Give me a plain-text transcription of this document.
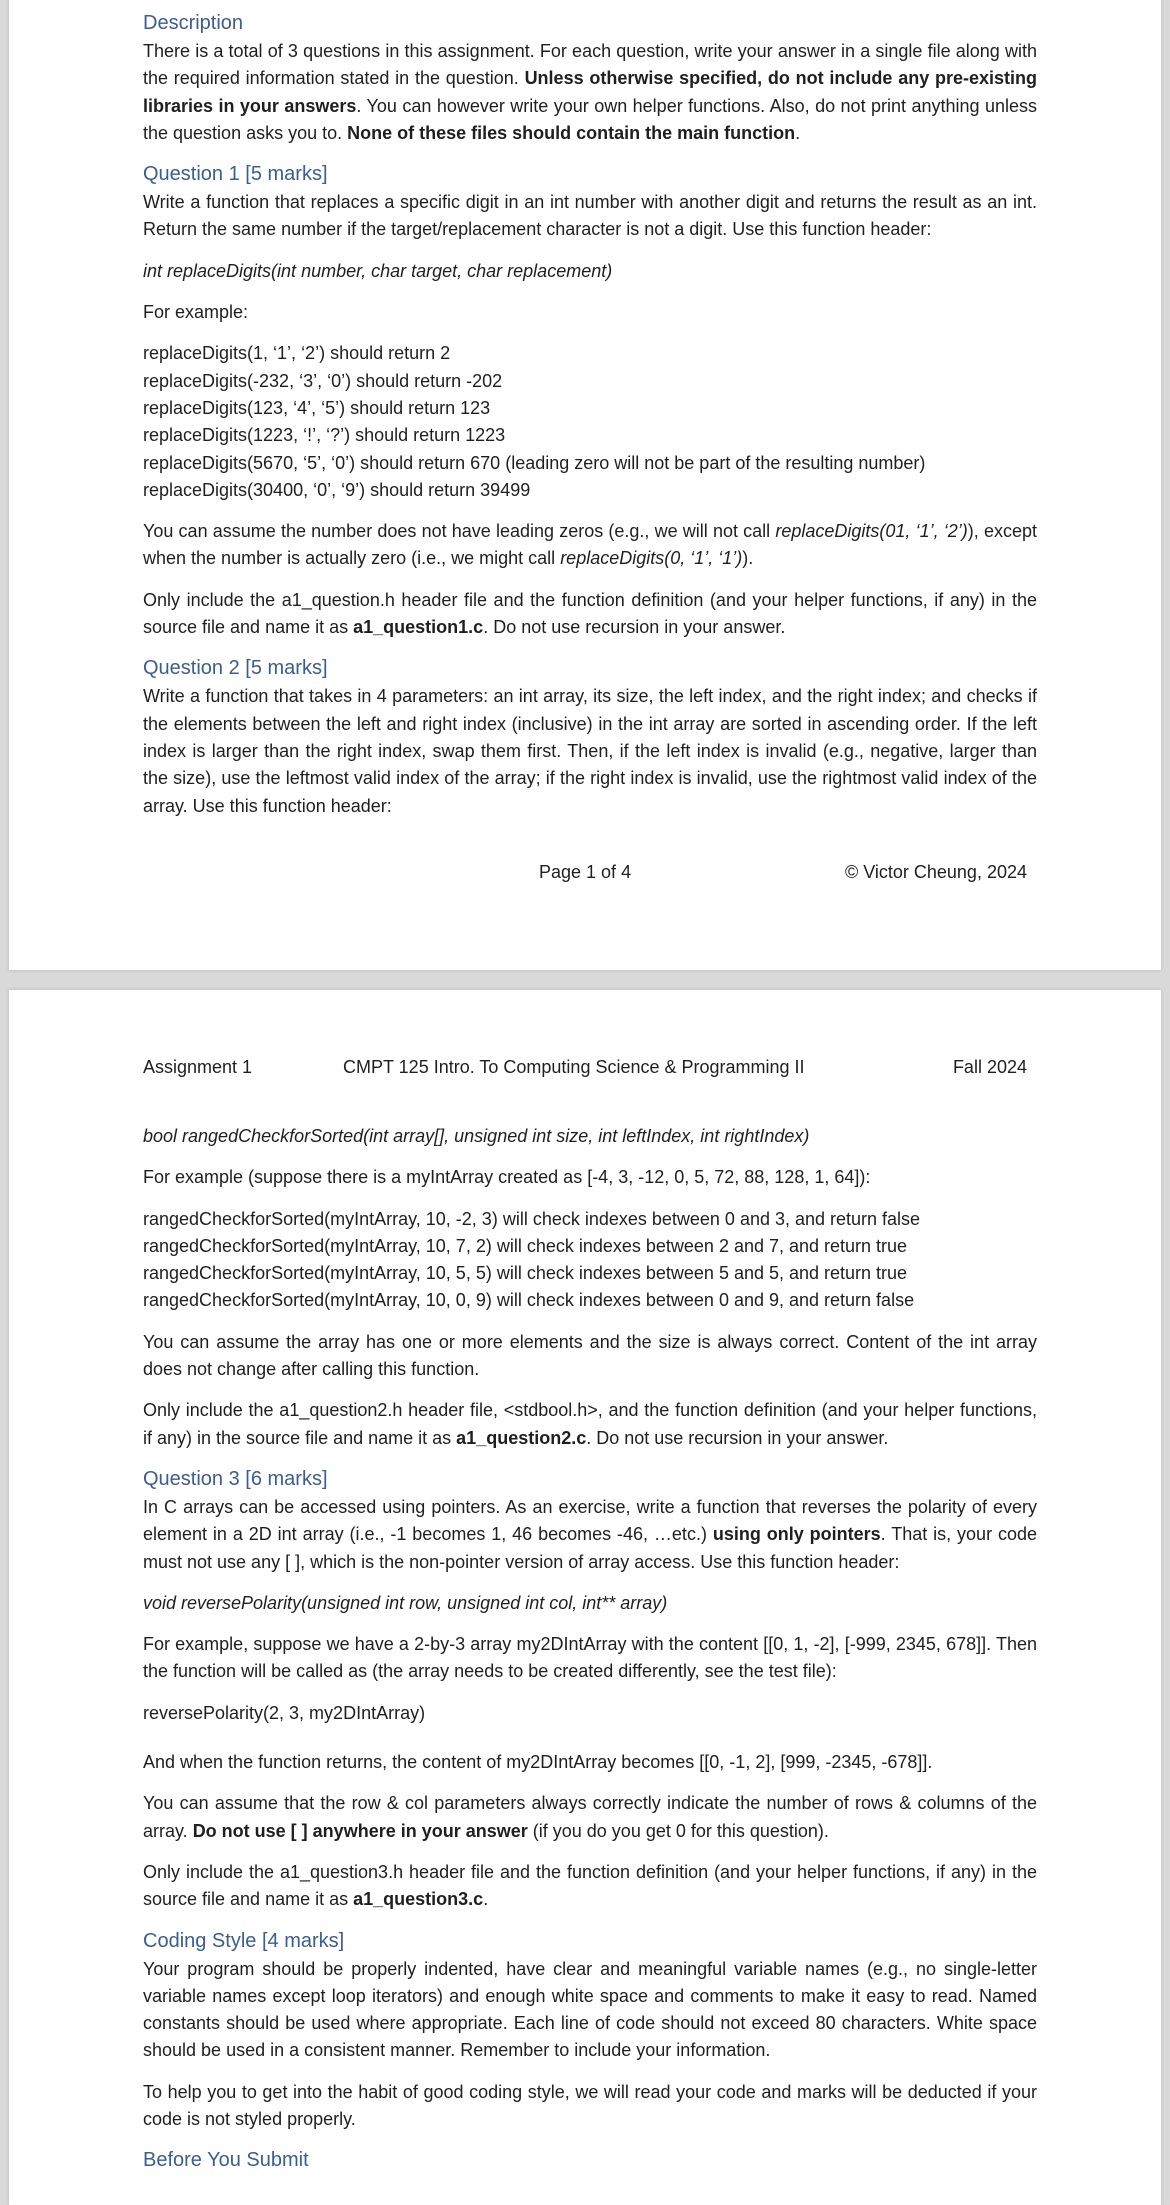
Description

There is a total of 3 questions in this assignment. For each question, write your answer in a single file along with the required information stated in the question. Unless otherwise specified, do not include any pre-existing libraries in your answers. You can however write your own helper functions. Also, do not print anything unless the question asks you to. None of these files should contain the main function.

Question 1 [5 marks]

Write a function that replaces a specific digit in an int number with another digit and returns the result as an int. Return the same number if the target/replacement character is not a digit. Use this function header:

int replaceDigits(int number, char target, char replacement)

For example:

replaceDigits(1, ‘1’, ‘2’) should return 2
replaceDigits(-232, ‘3’, ‘0’) should return -202
replaceDigits(123, ‘4’, ‘5’) should return 123
replaceDigits(1223, ‘!’, ‘?’) should return 1223
replaceDigits(5670, ‘5’, ‘0’) should return 670 (leading zero will not be part of the resulting number)
replaceDigits(30400, ‘0’, ‘9’) should return 39499

You can assume the number does not have leading zeros (e.g., we will not call replaceDigits(01, ‘1’, ‘2’)), except when the number is actually zero (i.e., we might call replaceDigits(0, ‘1’, ‘1’)).

Only include the a1_question.h header file and the function definition (and your helper functions, if any) in the source file and name it as a1_question1.c. Do not use recursion in your answer.

Question 2 [5 marks]

Write a function that takes in 4 parameters: an int array, its size, the left index, and the right index; and checks if the elements between the left and right index (inclusive) in the int array are sorted in ascending order. If the left index is larger than the right index, swap them first. Then, if the left index is invalid (e.g., negative, larger than the size), use the leftmost valid index of the array; if the right index is invalid, use the rightmost valid index of the array. Use this function header:

Page 1 of 4	© Victor Cheung, 2024
Assignment 1	CMPT 125 Intro. To Computing Science & Programming II	Fall 2024

bool rangedCheckforSorted(int array[], unsigned int size, int leftIndex, int rightIndex)

For example (suppose there is a myIntArray created as [-4, 3, -12, 0, 5, 72, 88, 128, 1, 64]):

rangedCheckforSorted(myIntArray, 10, -2, 3) will check indexes between 0 and 3, and return false
rangedCheckforSorted(myIntArray, 10, 7, 2) will check indexes between 2 and 7, and return true
rangedCheckforSorted(myIntArray, 10, 5, 5) will check indexes between 5 and 5, and return true
rangedCheckforSorted(myIntArray, 10, 0, 9) will check indexes between 0 and 9, and return false

You can assume the array has one or more elements and the size is always correct. Content of the int array does not change after calling this function.

Only include the a1_question2.h header file, <stdbool.h>, and the function definition (and your helper functions, if any) in the source file and name it as a1_question2.c. Do not use recursion in your answer.

Question 3 [6 marks]

In C arrays can be accessed using pointers. As an exercise, write a function that reverses the polarity of every element in a 2D int array (i.e., -1 becomes 1, 46 becomes -46, …etc.) using only pointers. That is, your code must not use any [ ], which is the non-pointer version of array access. Use this function header:

void reversePolarity(unsigned int row, unsigned int col, int** array)

For example, suppose we have a 2-by-3 array my2DIntArray with the content [[0, 1, -2], [-999, 2345, 678]]. Then the function will be called as (the array needs to be created differently, see the test file):

reversePolarity(2, 3, my2DIntArray)

And when the function returns, the content of my2DIntArray becomes [[0, -1, 2], [999, -2345, -678]].

You can assume that the row & col parameters always correctly indicate the number of rows & columns of the array. Do not use [ ] anywhere in your answer (if you do you get 0 for this question).

Only include the a1_question3.h header file and the function definition (and your helper functions, if any) in the source file and name it as a1_question3.c.

Coding Style [4 marks]

Your program should be properly indented, have clear and meaningful variable names (e.g., no single-letter variable names except loop iterators) and enough white space and comments to make it easy to read. Named constants should be used where appropriate. Each line of code should not exceed 80 characters. White space should be used in a consistent manner. Remember to include your information.

To help you to get into the habit of good coding style, we will read your code and marks will be deducted if your code is not styled properly.

Before You Submit
